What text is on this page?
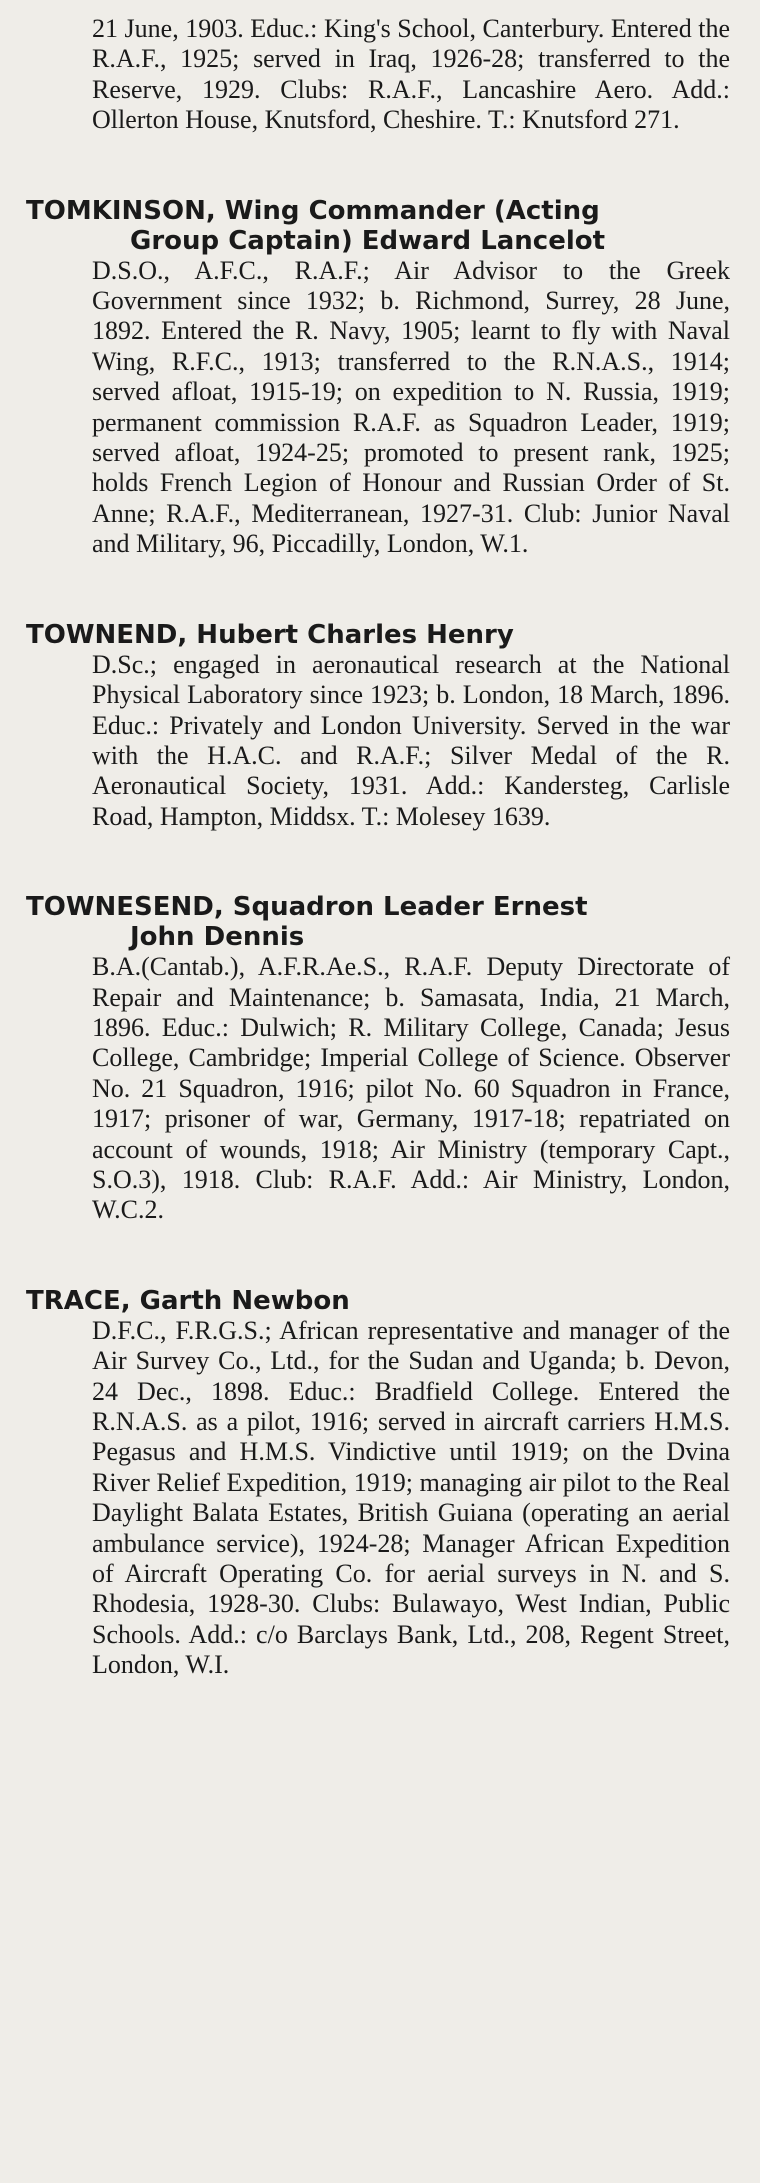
21 June, 1903. Educ.: King's School, Canterbury. Entered the R.A.F., 1925; served in Iraq, 1926-28; transferred to the Reserve, 1929. Clubs: R.A.F., Lancashire Aero. Add.: Ollerton House, Knutsford, Cheshire. T.: Knutsford 271.
TOMKINSON, Wing Commander (Acting
Group Captain) Edward Lancelot
D.S.O., A.F.C., R.A.F.; Air Advisor to the Greek Government since 1932; b. Richmond, Surrey, 28 June, 1892. Entered the R. Navy, 1905; learnt to fly with Naval Wing, R.F.C., 1913; transferred to the R.N.A.S., 1914; served afloat, 1915-19; on expedition to N. Russia, 1919; permanent commission R.A.F. as Squadron Leader, 1919; served afloat, 1924-25; promoted to present rank, 1925; holds French Legion of Honour and Russian Order of St. Anne; R.A.F., Mediterranean, 1927-31. Club: Junior Naval and Military, 96, Piccadilly, London, W.1.
TOWNEND, Hubert Charles Henry
D.Sc.; engaged in aeronautical research at the National Physical Laboratory since 1923; b. London, 18 March, 1896. Educ.: Privately and London University. Served in the war with the H.A.C. and R.A.F.; Silver Medal of the R. Aeronautical Society, 1931. Add.: Kandersteg, Carlisle Road, Hampton, Middsx. T.: Molesey 1639.
TOWNESEND, Squadron Leader Ernest
John Dennis
B.A.(Cantab.), A.F.R.Ae.S., R.A.F. Deputy Directorate of Repair and Maintenance; b. Samasata, India, 21 March, 1896. Educ.: Dulwich; R. Military College, Canada; Jesus College, Cambridge; Imperial College of Science. Observer No. 21 Squadron, 1916; pilot No. 60 Squadron in France, 1917; prisoner of war, Germany, 1917-18; repatriated on account of wounds, 1918; Air Ministry (temporary Capt., S.O.3), 1918. Club: R.A.F. Add.: Air Ministry, London, W.C.2.
TRACE, Garth Newbon
D.F.C., F.R.G.S.; African representative and manager of the Air Survey Co., Ltd., for the Sudan and Uganda; b. Devon, 24 Dec., 1898. Educ.: Bradfield College. Entered the R.N.A.S. as a pilot, 1916; served in aircraft carriers H.M.S. Pegasus and H.M.S. Vindictive until 1919; on the Dvina River Relief Expedition, 1919; managing air pilot to the Real Daylight Balata Estates, British Guiana (operating an aerial ambulance service), 1924-28; Manager African Expedition of Aircraft Operating Co. for aerial surveys in N. and S. Rhodesia, 1928-30. Clubs: Bulawayo, West Indian, Public Schools. Add.: c/o Barclays Bank, Ltd., 208, Regent Street, London, W.I.
